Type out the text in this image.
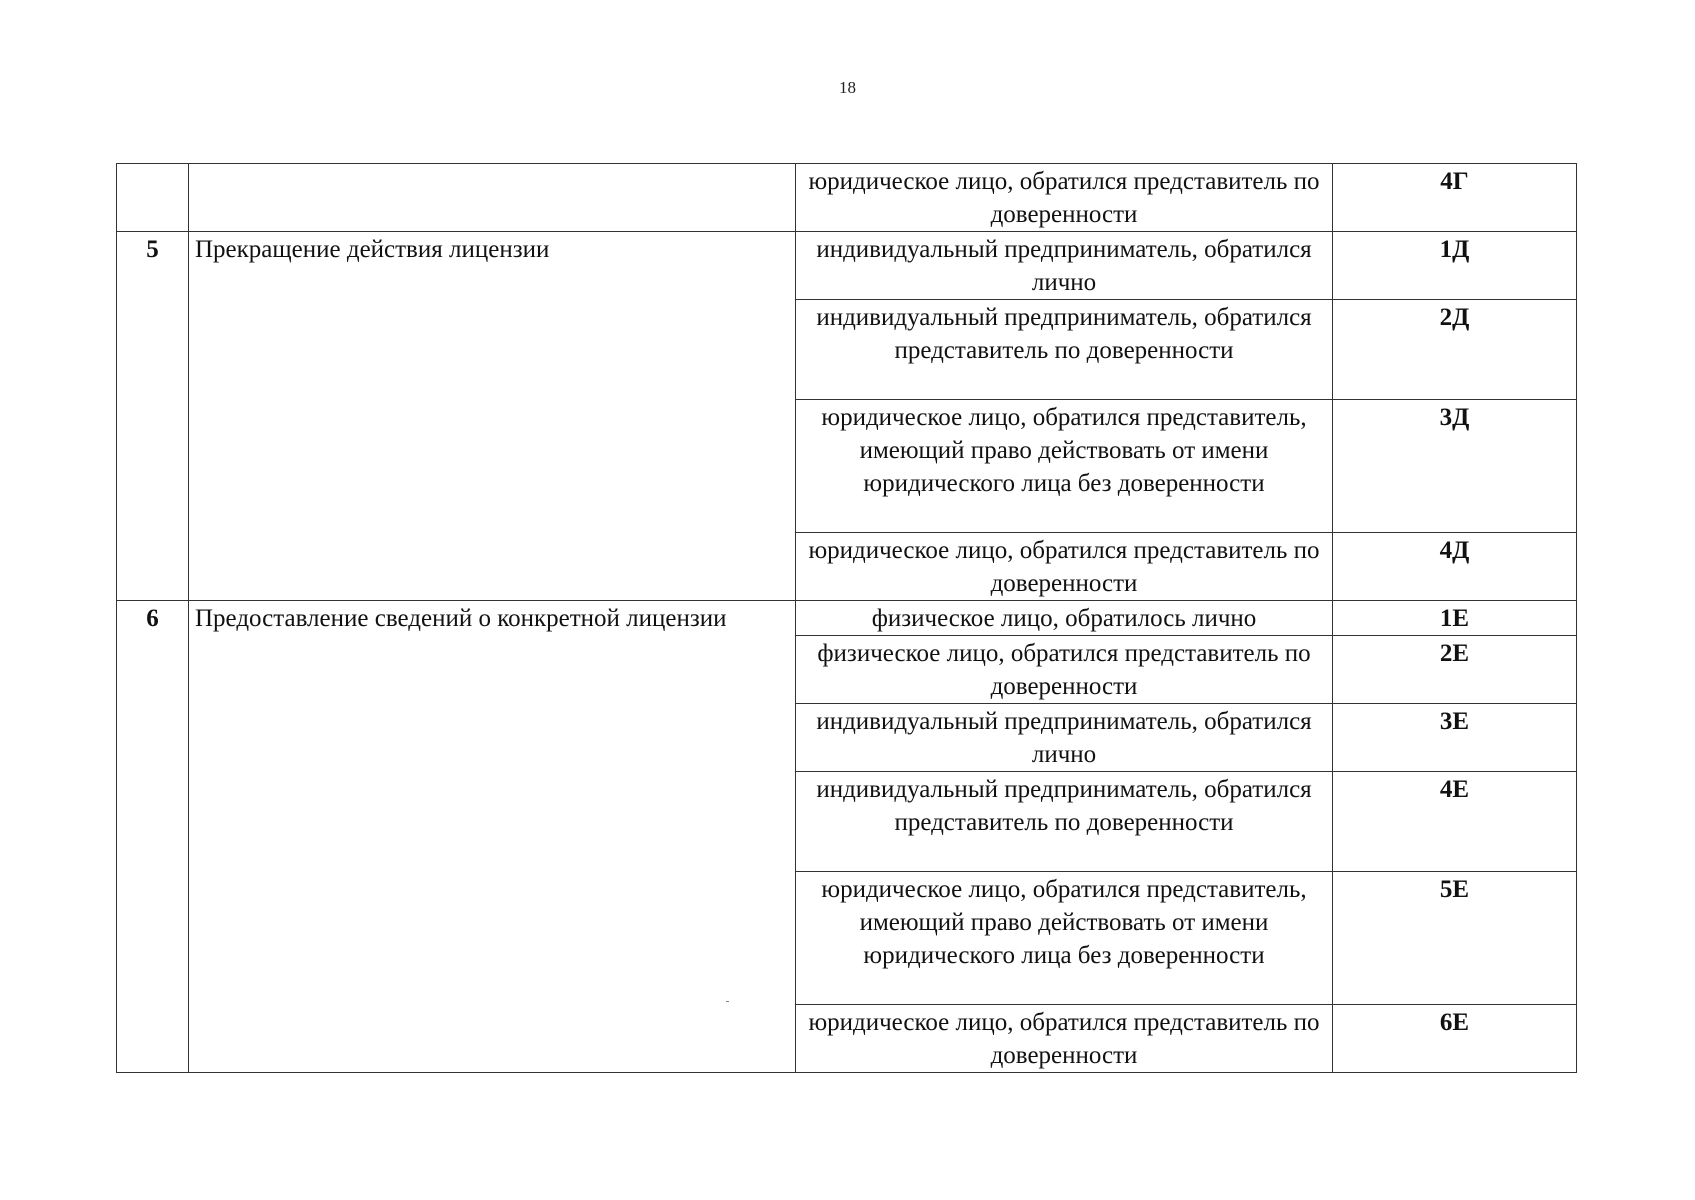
18
		юридическое лицо, обратился представитель по доверенности	4Г
5	Прекращение действия лицензии	индивидуальный предприниматель, обратился лично	1Д
		индивидуальный предприниматель, обратился представитель по доверенности	2Д
		юридическое лицо, обратился представитель, имеющий право действовать от имени юридического лица без доверенности	3Д
		юридическое лицо, обратился представитель по доверенности	4Д
6	Предоставление сведений о конкретной лицензии	физическое лицо, обратилось лично	1Е
		физическое лицо, обратился представитель по доверенности	2Е
		индивидуальный предприниматель, обратился лично	3Е
		индивидуальный предприниматель, обратился представитель по доверенности	4Е
		юридическое лицо, обратился представитель, имеющий право действовать от имени юридического лица без доверенности	5Е
		юридическое лицо, обратился представитель по доверенности	6Е
